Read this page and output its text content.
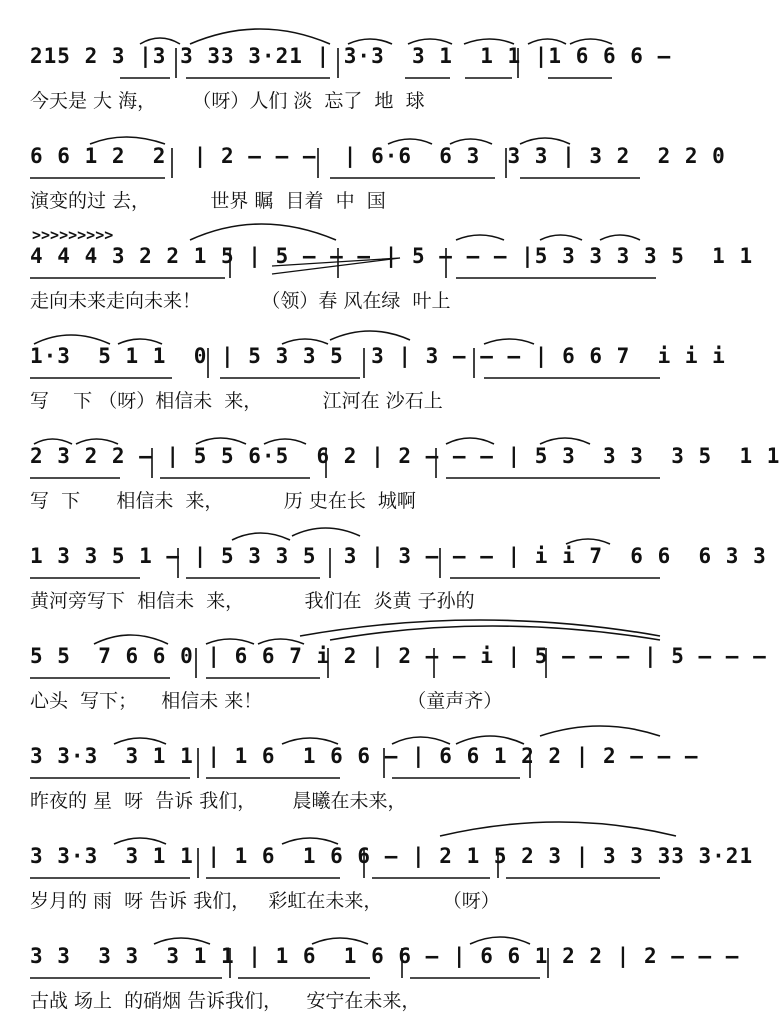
215 2 3 |3 3 33 3·21 | 3·3  3 1  1 1 |1 6 6 6 —
今天是 大 海，      （呀）人们 淡  忘了  地  球
6 6 1 2  2  | 2 — — —  | 6·6  6 3  3 3 | 3 2  2 2 0
演变的过 去，          世界 瞩  目着  中  国
>>>>>>>>>
4 4 4 3 2 2 1 5 | 5 — — — | 5 — — — |5 3 3 3 3 5  1 1
走向未来走向未来！          （领）春 风在绿  叶上
1·3  5 1 1  0 | 5 3 3 5  3 | 3 — — — | 6 6 7  i i i
写    下 （呀）相信未  来，          江河在 沙石上
2 3 2 2 — | 5 5 6·5  6 2 | 2 — — — | 5 3  3 3  3 5  1 1
写  下      相信未  来，          历 史在长  城啊
1 3 3 5 1 — | 5 3 3 5  3 | 3 — — — | i i 7  6 6  6 3 3
黄河旁写下  相信未  来，          我们在  炎黄 子孙的
5 5  7 6 6 0 | 6 6 7 i 2 | 2 — — i | 5 — — — | 5 — — —
心头  写下；    相信未 来！                        （童声齐）
3 3·3  3 1 1 | 1 6  1 6 6 — | 6 6 1 2 2 | 2 — — —
昨夜的 星  呀  告诉 我们，      晨曦在未来，
3 3·3  3 1 1 | 1 6  1 6 6 — | 2 1 5 2 3 | 3 3 33 3·21
岁月的 雨  呀 告诉 我们，   彩虹在未来，          （呀）
3 3  3 3  3 1 1 | 1 6  1 6 6 — | 6 6 1 2 2 | 2 — — —
古战 场上  的硝烟 告诉我们，    安宁在未来，
